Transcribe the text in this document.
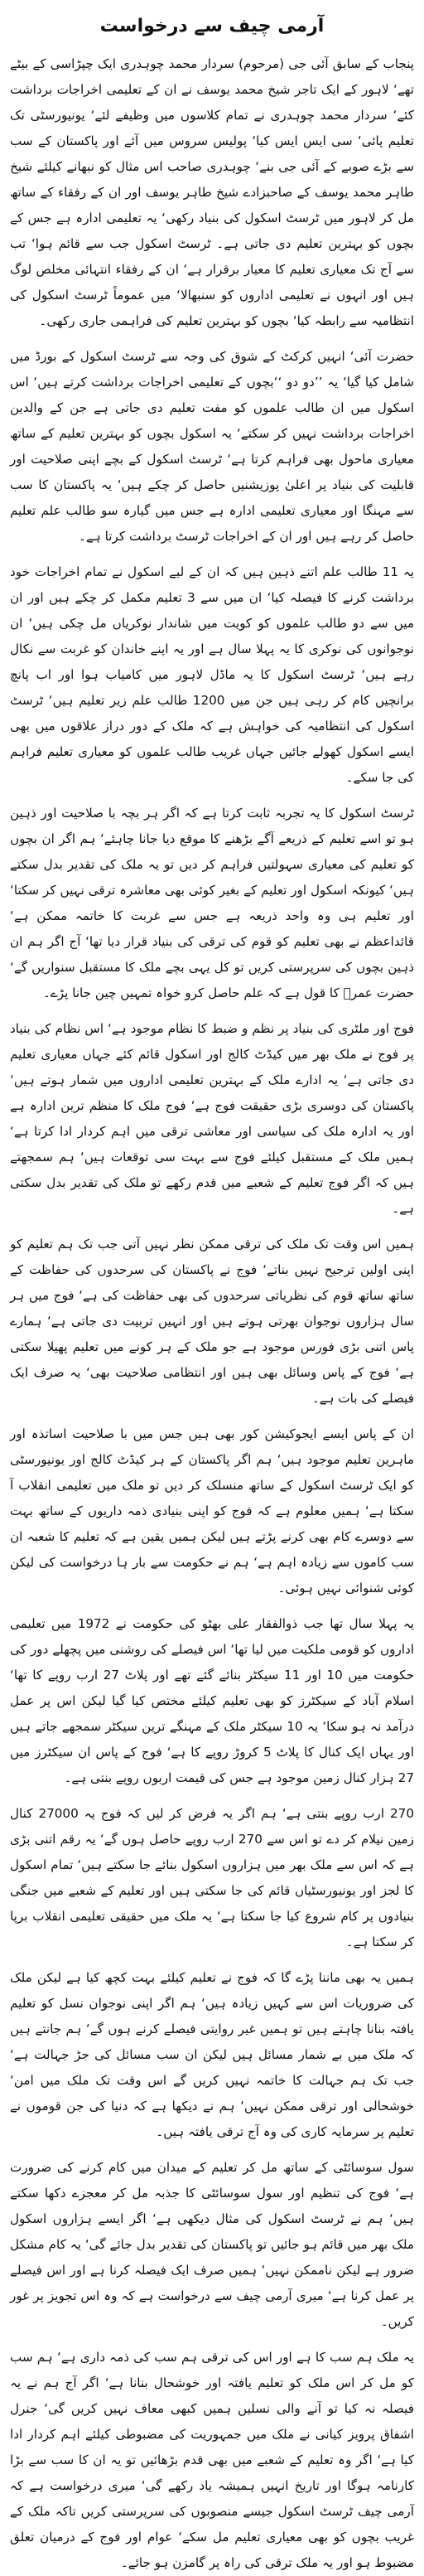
آرمی چیف سے درخواست

پنجاب کے سابق آئی جی (مرحوم) سردار محمد چوہدری ایک چپڑاسی کے بیٹے تھے‘ لاہور کے ایک تاجر شیخ محمد یوسف نے ان کے تعلیمی اخراجات برداشت کئے‘ سردار محمد چوہدری نے تمام کلاسوں میں وظیفے لئے‘ یونیورسٹی تک تعلیم پائی‘ سی ایس ایس کیا‘ پولیس سروس میں آئے اور پاکستان کے سب سے بڑے صوبے کے آئی جی بنے‘ چوہدری صاحب اس مثال کو نبھانے کیلئے شیخ طاہر محمد یوسف کے صاحبزادے شیخ طاہر یوسف اور ان کے رفقاء کے ساتھ مل کر لاہور میں ٹرسٹ اسکول کی بنیاد رکھی‘ یہ تعلیمی ادارہ ہے جس کے بچوں کو بہترین تعلیم دی جاتی ہے۔ ٹرسٹ اسکول جب سے قائم ہوا‘ تب سے آج تک معیاری تعلیم کا معیار برقرار ہے‘ ان کے رفقاء انتہائی مخلص لوگ ہیں اور انہوں نے تعلیمی اداروں کو سنبھالا‘ میں عموماً ٹرسٹ اسکول کی انتظامیہ سے رابطہ کیا‘ بچوں کو بہترین تعلیم کی فراہمی جاری رکھی۔

حضرت آئی‘ انہیں کرکٹ کے شوق کی وجہ سے ٹرسٹ اسکول کے بورڈ میں شامل کیا گیا‘ یہ ’’دو دو ‘‘بچوں کے تعلیمی اخراجات برداشت کرتے ہیں‘ اس اسکول میں ان طالب علموں کو مفت تعلیم دی جاتی ہے جن کے والدین اخراجات برداشت نہیں کر سکتے‘ یہ اسکول بچوں کو بہترین تعلیم کے ساتھ معیاری ماحول بھی فراہم کرتا ہے‘ ٹرسٹ اسکول کے بچے اپنی صلاحیت اور قابلیت کی بنیاد پر اعلیٰ پوزیشنیں حاصل کر چکے ہیں‘ یہ پاکستان کا سب سے مہنگا اور معیاری تعلیمی ادارہ ہے جس میں گیارہ سو طالب علم تعلیم حاصل کر رہے ہیں اور ان کے اخراجات ٹرسٹ برداشت کرتا ہے۔

یہ 11 طالب علم اتنے ذہین ہیں کہ ان کے لیے اسکول نے تمام اخراجات خود برداشت کرنے کا فیصلہ کیا‘ ان میں سے 3 تعلیم مکمل کر چکے ہیں اور ان میں سے دو طالب علموں کو کویت میں شاندار نوکریاں مل چکی ہیں‘ ان نوجوانوں کی نوکری کا یہ پہلا سال ہے اور یہ اپنے خاندان کو غربت سے نکال رہے ہیں‘ ٹرسٹ اسکول کا یہ ماڈل لاہور میں کامیاب ہوا اور اب پانچ برانچیں کام کر رہی ہیں جن میں 1200 طالب علم زیر تعلیم ہیں‘ ٹرسٹ اسکول کی انتظامیہ کی خواہش ہے کہ ملک کے دور دراز علاقوں میں بھی ایسے اسکول کھولے جائیں جہاں غریب طالب علموں کو معیاری تعلیم فراہم کی جا سکے۔

ٹرسٹ اسکول کا یہ تجربہ ثابت کرتا ہے کہ اگر ہر بچہ با صلاحیت اور ذہین ہو تو اسے تعلیم کے ذریعے آگے بڑھنے کا موقع دیا جانا چاہئے‘ ہم اگر ان بچوں کو تعلیم کی معیاری سہولتیں فراہم کر دیں تو یہ ملک کی تقدیر بدل سکتے ہیں‘ کیونکہ اسکول اور تعلیم کے بغیر کوئی بھی معاشرہ ترقی نہیں کر سکتا‘ اور تعلیم ہی وہ واحد ذریعہ ہے جس سے غربت کا خاتمہ ممکن ہے‘ قائداعظم نے بھی تعلیم کو قوم کی ترقی کی بنیاد قرار دیا تھا‘ آج اگر ہم ان ذہین بچوں کی سرپرستی کریں تو کل یہی بچے ملک کا مستقبل سنواریں گے‘ حضرت عمرؓ کا قول ہے کہ علم حاصل کرو خواہ تمہیں چین جانا پڑے۔

فوج اور ملٹری کی بنیاد پر نظم و ضبط کا نظام موجود ہے‘ اس نظام کی بنیاد پر فوج نے ملک بھر میں کیڈٹ کالج اور اسکول قائم کئے جہاں معیاری تعلیم دی جاتی ہے‘ یہ ادارے ملک کے بہترین تعلیمی اداروں میں شمار ہوتے ہیں‘ پاکستان کی دوسری بڑی حقیقت فوج ہے‘ فوج ملک کا منظم ترین ادارہ ہے اور یہ ادارہ ملک کی سیاسی اور معاشی ترقی میں اہم کردار ادا کرتا ہے‘ ہمیں ملک کے مستقبل کیلئے فوج سے بہت سی توقعات ہیں‘ ہم سمجھتے ہیں کہ اگر فوج تعلیم کے شعبے میں قدم رکھے تو ملک کی تقدیر بدل سکتی ہے۔

ہمیں اس وقت تک ملک کی ترقی ممکن نظر نہیں آتی جب تک ہم تعلیم کو اپنی اولین ترجیح نہیں بناتے‘ فوج نے پاکستان کی سرحدوں کی حفاظت کے ساتھ ساتھ قوم کی نظریاتی سرحدوں کی بھی حفاظت کی ہے‘ فوج میں ہر سال ہزاروں نوجوان بھرتی ہوتے ہیں اور انہیں تربیت دی جاتی ہے‘ ہمارے پاس اتنی بڑی فورس موجود ہے جو ملک کے ہر کونے میں تعلیم پھیلا سکتی ہے‘ فوج کے پاس وسائل بھی ہیں اور انتظامی صلاحیت بھی‘ یہ صرف ایک فیصلے کی بات ہے۔

ان کے پاس ایسے ایجوکیشن کور بھی ہیں جس میں با صلاحیت اساتذہ اور ماہرین تعلیم موجود ہیں‘ ہم اگر پاکستان کے ہر کیڈٹ کالج اور یونیورسٹی کو ایک ٹرسٹ اسکول کے ساتھ منسلک کر دیں تو ملک میں تعلیمی انقلاب آ سکتا ہے‘ ہمیں معلوم ہے کہ فوج کو اپنی بنیادی ذمہ داریوں کے ساتھ بہت سے دوسرے کام بھی کرنے پڑتے ہیں لیکن ہمیں یقین ہے کہ تعلیم کا شعبہ ان سب کاموں سے زیادہ اہم ہے‘ ہم نے حکومت سے بار ہا درخواست کی لیکن کوئی شنوائی نہیں ہوئی۔

یہ پہلا سال تھا جب ذوالفقار علی بھٹو کی حکومت نے 1972 میں تعلیمی اداروں کو قومی ملکیت میں لیا تھا‘ اس فیصلے کی روشنی میں پچھلے دور کی حکومت میں 10 اور 11 سیکٹر بنائے گئے تھے اور پلاٹ 27 ارب روپے کا تھا‘ اسلام آباد کے سیکٹرز کو بھی تعلیم کیلئے مختص کیا گیا لیکن اس پر عمل درآمد نہ ہو سکا‘ یہ 10 سیکٹر ملک کے مہنگے ترین سیکٹر سمجھے جاتے ہیں اور یہاں ایک کنال کا پلاٹ 5 کروڑ روپے کا ہے‘ فوج کے پاس ان سیکٹرز میں 27 ہزار کنال زمین موجود ہے جس کی قیمت اربوں روپے بنتی ہے۔

270 ارب روپے بنتی ہے‘ ہم اگر یہ فرض کر لیں کہ فوج یہ 27000 کنال زمین نیلام کر دے تو اس سے 270 ارب روپے حاصل ہوں گے‘ یہ رقم اتنی بڑی ہے کہ اس سے ملک بھر میں ہزاروں اسکول بنائے جا سکتے ہیں‘ تمام اسکول کا لجز اور یونیورسٹیاں قائم کی جا سکتی ہیں اور تعلیم کے شعبے میں جنگی بنیادوں پر کام شروع کیا جا سکتا ہے‘ یہ ملک میں حقیقی تعلیمی انقلاب برپا کر سکتا ہے۔

ہمیں یہ بھی ماننا پڑے گا کہ فوج نے تعلیم کیلئے بہت کچھ کیا ہے لیکن ملک کی ضروریات اس سے کہیں زیادہ ہیں‘ ہم اگر اپنی نوجوان نسل کو تعلیم یافتہ بنانا چاہتے ہیں تو ہمیں غیر روایتی فیصلے کرنے ہوں گے‘ ہم جانتے ہیں کہ ملک میں بے شمار مسائل ہیں لیکن ان سب مسائل کی جڑ جہالت ہے‘ جب تک ہم جہالت کا خاتمہ نہیں کریں گے اس وقت تک ملک میں امن‘ خوشحالی اور ترقی ممکن نہیں‘ ہم نے دیکھا ہے کہ دنیا کی جن قوموں نے تعلیم پر سرمایہ کاری کی وہ آج ترقی یافتہ ہیں۔

سول سوسائٹی کے ساتھ مل کر تعلیم کے میدان میں کام کرنے کی ضرورت ہے‘ فوج کی تنظیم اور سول سوسائٹی کا جذبہ مل کر معجزے دکھا سکتے ہیں‘ ہم نے ٹرسٹ اسکول کی مثال دیکھی ہے‘ اگر ایسے ہزاروں اسکول ملک بھر میں قائم ہو جائیں تو پاکستان کی تقدیر بدل جائے گی‘ یہ کام مشکل ضرور ہے لیکن ناممکن نہیں‘ ہمیں صرف ایک فیصلہ کرنا ہے اور اس فیصلے پر عمل کرنا ہے‘ میری آرمی چیف سے درخواست ہے کہ وہ اس تجویز پر غور کریں۔

یہ ملک ہم سب کا ہے اور اس کی ترقی ہم سب کی ذمہ داری ہے‘ ہم سب کو مل کر اس ملک کو تعلیم یافتہ اور خوشحال بنانا ہے‘ اگر آج ہم نے یہ فیصلہ نہ کیا تو آنے والی نسلیں ہمیں کبھی معاف نہیں کریں گی‘ جنرل اشفاق پرویز کیانی نے ملک میں جمہوریت کی مضبوطی کیلئے اہم کردار ادا کیا ہے‘ اگر وہ تعلیم کے شعبے میں بھی قدم بڑھائیں تو یہ ان کا سب سے بڑا کارنامہ ہوگا اور تاریخ انہیں ہمیشہ یاد رکھے گی‘ میری درخواست ہے کہ آرمی چیف ٹرسٹ اسکول جیسے منصوبوں کی سرپرستی کریں تاکہ ملک کے غریب بچوں کو بھی معیاری تعلیم مل سکے‘ عوام اور فوج کے درمیان تعلق مضبوط ہو اور یہ ملک ترقی کی راہ پر گامزن ہو جائے۔
